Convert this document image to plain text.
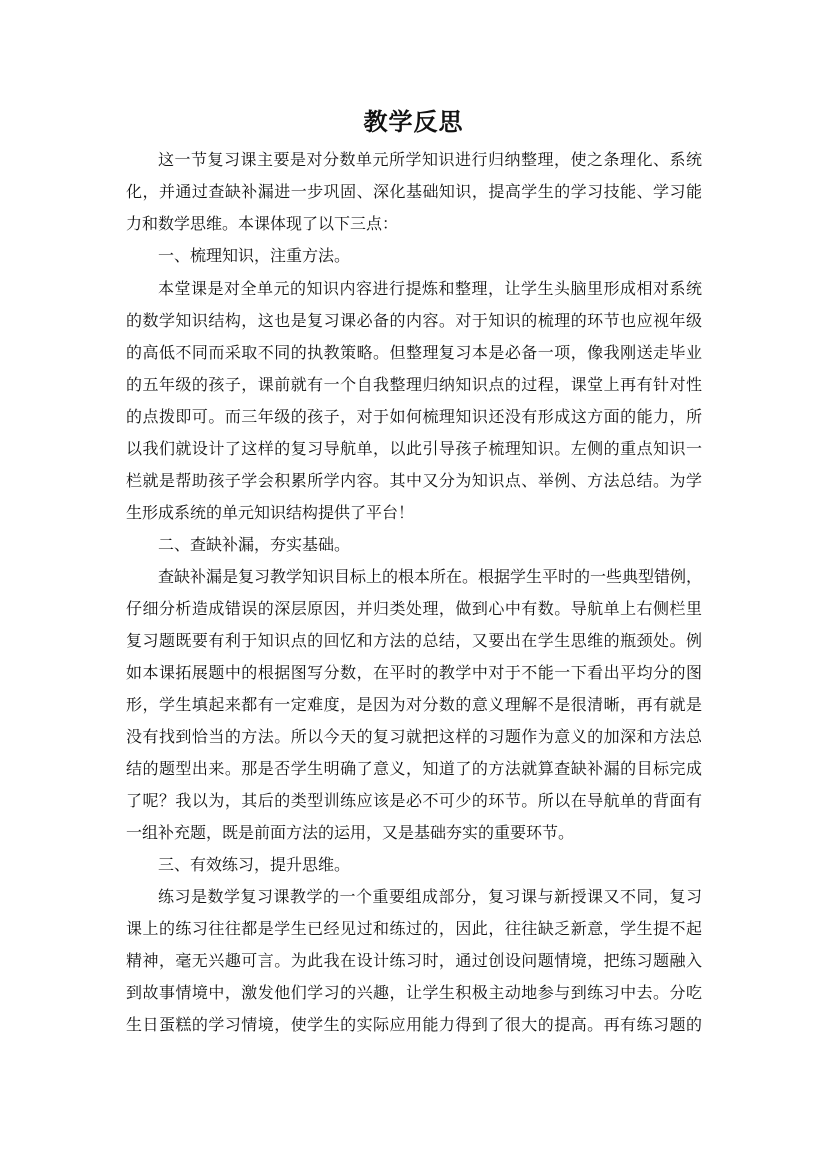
教学反思
这一节复习课主要是对分数单元所学知识进行归纳整理，使之条理化、系统
化，并通过查缺补漏进一步巩固、深化基础知识，提高学生的学习技能、学习能
力和数学思维。本课体现了以下三点：
一、梳理知识，注重方法。
本堂课是对全单元的知识内容进行提炼和整理，让学生头脑里形成相对系统
的数学知识结构，这也是复习课必备的内容。对于知识的梳理的环节也应视年级
的高低不同而采取不同的执教策略。但整理复习本是必备一项，像我刚送走毕业
的五年级的孩子，课前就有一个自我整理归纳知识点的过程，课堂上再有针对性
的点拨即可。而三年级的孩子，对于如何梳理知识还没有形成这方面的能力，所
以我们就设计了这样的复习导航单，以此引导孩子梳理知识。左侧的重点知识一
栏就是帮助孩子学会积累所学内容。其中又分为知识点、举例、方法总结。为学
生形成系统的单元知识结构提供了平台！
二、查缺补漏，夯实基础。
查缺补漏是复习教学知识目标上的根本所在。根据学生平时的一些典型错例，
仔细分析造成错误的深层原因，并归类处理，做到心中有数。导航单上右侧栏里
复习题既要有利于知识点的回忆和方法的总结，又要出在学生思维的瓶颈处。例
如本课拓展题中的根据图写分数，在平时的教学中对于不能一下看出平均分的图
形，学生填起来都有一定难度，是因为对分数的意义理解不是很清晰，再有就是
没有找到恰当的方法。所以今天的复习就把这样的习题作为意义的加深和方法总
结的题型出来。那是否学生明确了意义，知道了的方法就算查缺补漏的目标完成
了呢？我以为，其后的类型训练应该是必不可少的环节。所以在导航单的背面有
一组补充题，既是前面方法的运用，又是基础夯实的重要环节。
三、有效练习，提升思维。
练习是数学复习课教学的一个重要组成部分，复习课与新授课又不同，复习
课上的练习往往都是学生已经见过和练过的，因此，往往缺乏新意，学生提不起
精神，毫无兴趣可言。为此我在设计练习时，通过创设问题情境，把练习题融入
到故事情境中，激发他们学习的兴趣，让学生积极主动地参与到练习中去。分吃
生日蛋糕的学习情境，使学生的实际应用能力得到了很大的提高。再有练习题的
